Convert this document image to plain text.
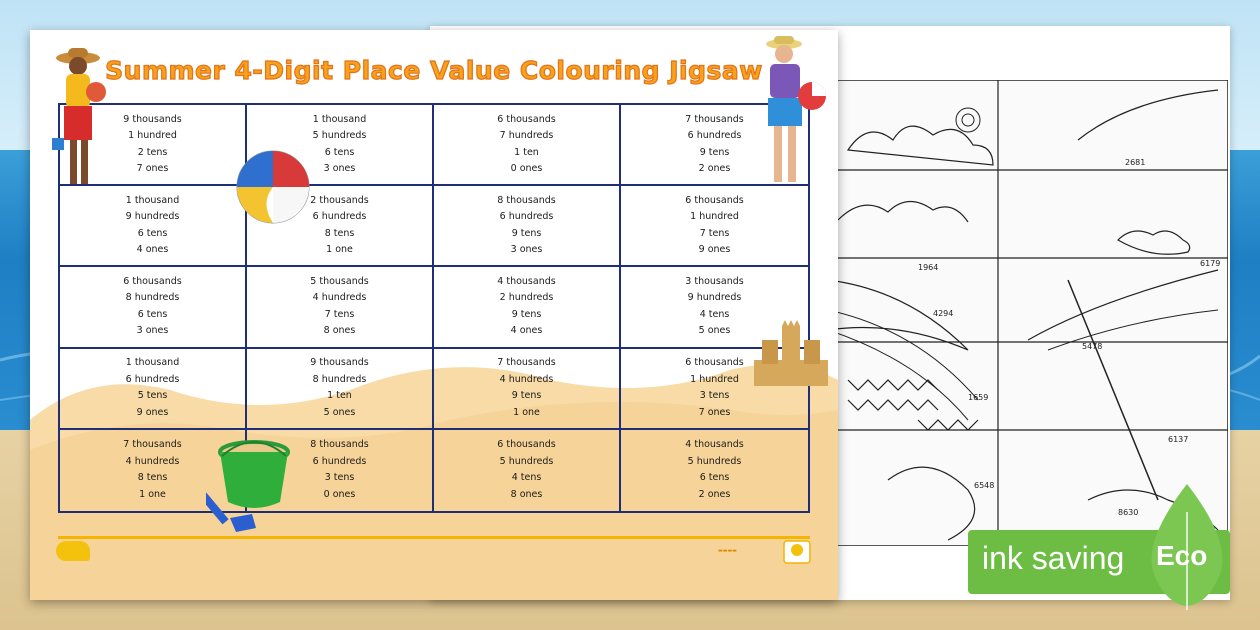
2681
1964	6179
4294
5478
1659
6137
6548
8630
Summer 4-Digit Place Value Colouring Jigsaw
9 thousands
1 hundred
2 tens
7 ones
1 thousand
5 hundreds
6 tens
3 ones
6 thousands
7 hundreds
1 ten
0 ones
7 thousands
6 hundreds
9 tens
2 ones
1 thousand
9 hundreds
6 tens
4 ones
2 thousands
6 hundreds
8 tens
1 one
8 thousands
6 hundreds
9 tens
3 ones
6 thousands
1 hundred
7 tens
9 ones
6 thousands
8 hundreds
6 tens
3 ones
5 thousands
4 hundreds
7 tens
8 ones
4 thousands
2 hundreds
9 tens
4 ones
3 thousands
9 hundreds
4 tens
5 ones
1 thousand
6 hundreds
5 tens
9 ones
9 thousands
8 hundreds
1 ten
5 ones
7 thousands
4 hundreds
9 tens
1 one
6 thousands
1 hundred
3 tens
7 ones
7 thousands
4 hundreds
8 tens
1 one
8 thousands
6 hundreds
3 tens
0 ones
6 thousands
5 hundreds
4 tens
8 ones
4 thousands
5 hundreds
6 tens
2 ones
▬▬▬▬	ink saving Eco
